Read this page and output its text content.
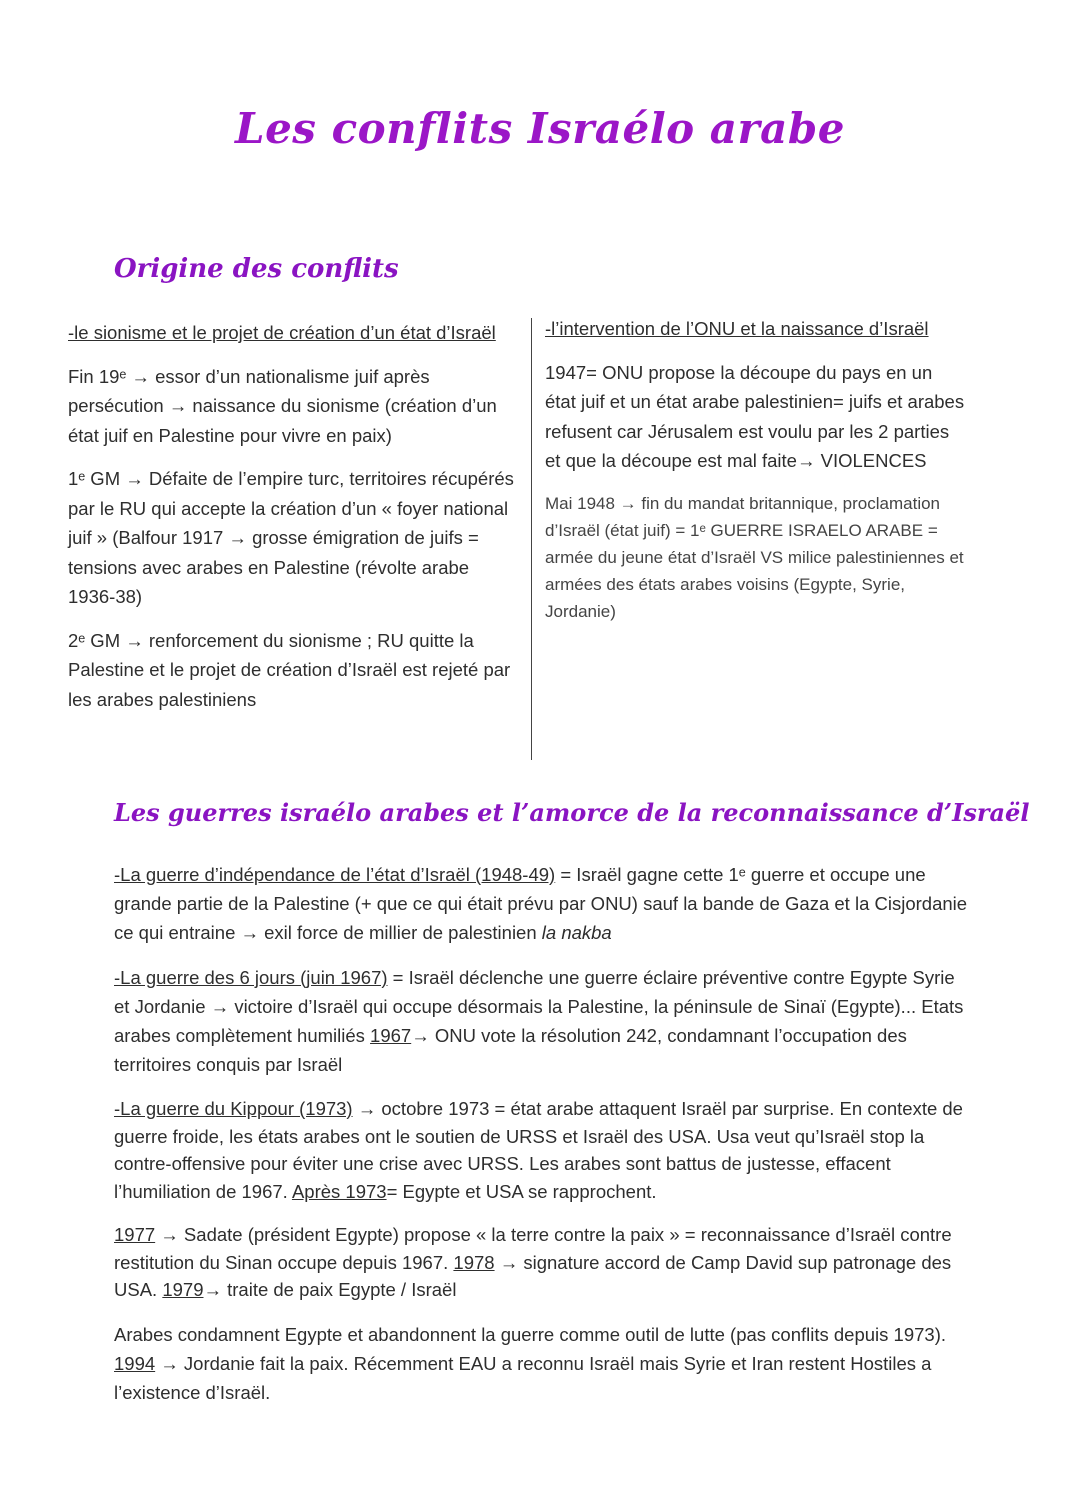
Les conflits Israélo arabe
Origine des conflits

-le sionisme et le projet de création d’un état d’Israël

Fin 19ᵉ → essor d’un nationalisme juif après persécution → naissance du sionisme (création d’un état juif en Palestine pour vivre en paix)

1ᵉ GM → Défaite de l’empire turc, territoires récupérés par le RU qui accepte la création d’un « foyer national juif » (Balfour 1917 → grosse émigration de juifs = tensions avec arabes en Palestine (révolte arabe 1936-38)

2ᵉ GM → renforcement du sionisme ; RU quitte la Palestine et le projet de création d’Israël est rejeté par les arabes palestiniens

-l’intervention de l’ONU et la naissance d’Israël

1947= ONU propose la découpe du pays en un état juif et un état arabe palestinien= juifs et arabes refusent car Jérusalem est voulu par les 2 parties et que la découpe est mal faite→ VIOLENCES

Mai 1948 → fin du mandat britannique, proclamation d’Israël (état juif) = 1ᵉ GUERRE ISRAELO ARABE = armée du jeune état d’Israël VS milice palestiniennes et armées des états arabes voisins (Egypte, Syrie, Jordanie)

Les guerres israélo arabes et l’amorce de la reconnaissance d’Israël

-La guerre d’indépendance de l’état d’Israël (1948-49) = Israël gagne cette 1ᵉ guerre et occupe une grande partie de la Palestine (+ que ce qui était prévu par ONU) sauf la bande de Gaza et la Cisjordanie ce qui entraine → exil force de millier de palestinien la nakba

-La guerre des 6 jours (juin 1967) = Israël déclenche une guerre éclaire préventive contre Egypte Syrie et Jordanie → victoire d’Israël qui occupe désormais la Palestine, la péninsule de Sinaï (Egypte)... Etats arabes complètement humiliés 1967→ ONU vote la résolution 242, condamnant l’occupation des territoires conquis par Israël

-La guerre du Kippour (1973) → octobre 1973 = état arabe attaquent Israël par surprise. En contexte de guerre froide, les états arabes ont le soutien de URSS et Israël des USA. Usa veut qu’Israël stop la contre-offensive pour éviter une crise avec URSS. Les arabes sont battus de justesse, effacent l’humiliation de 1967. Après 1973= Egypte et USA se rapprochent.

1977 → Sadate (président Egypte) propose « la terre contre la paix » = reconnaissance d’Israël contre restitution du Sinan occupe depuis 1967. 1978 → signature accord de Camp David sup patronage des USA. 1979→ traite de paix Egypte / Israël

Arabes condamnent Egypte et abandonnent la guerre comme outil de lutte (pas conflits depuis 1973). 1994 → Jordanie fait la paix. Récemment EAU a reconnu Israël mais Syrie et Iran restent Hostiles a l’existence d’Israël.
